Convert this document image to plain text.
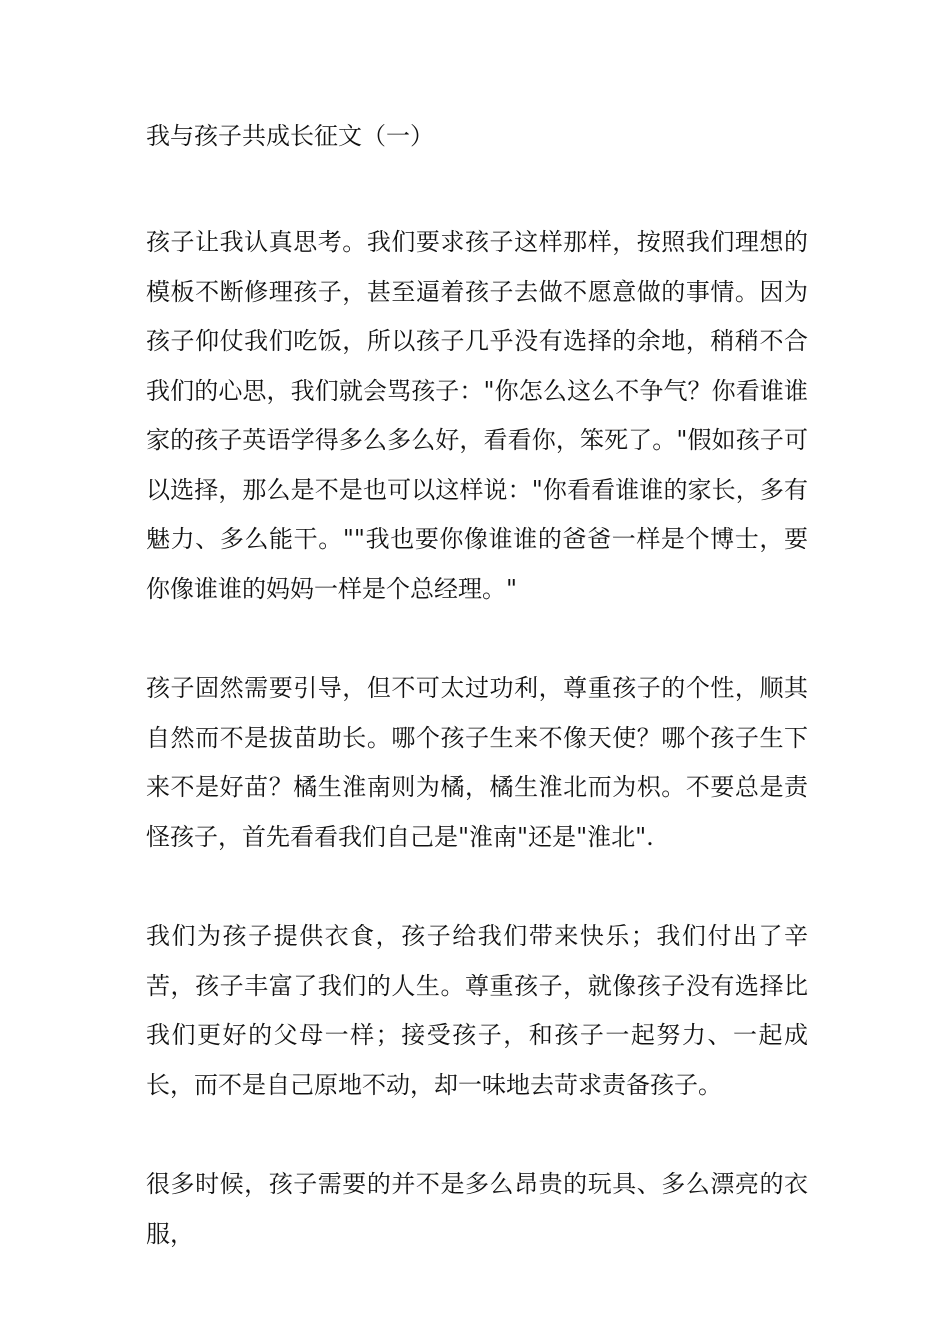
我与孩子共成长征文（一）

孩子让我认真思考。我们要求孩子这样那样，按照我们理想的模板不断修理孩子，甚至逼着孩子去做不愿意做的事情。因为孩子仰仗我们吃饭，所以孩子几乎没有选择的余地，稍稍不合我们的心思，我们就会骂孩子："你怎么这么不争气？你看谁谁家的孩子英语学得多么多么好，看看你，笨死了。"假如孩子可以选择，那么是不是也可以这样说："你看看谁谁的家长，多有魅力、多么能干。""我也要你像谁谁的爸爸一样是个博士，要你像谁谁的妈妈一样是个总经理。"

孩子固然需要引导，但不可太过功利，尊重孩子的个性，顺其自然而不是拔苗助长。哪个孩子生来不像天使？哪个孩子生下来不是好苗？橘生淮南则为橘，橘生淮北而为枳。不要总是责怪孩子，首先看看我们自己是"淮南"还是"淮北".

我们为孩子提供衣食，孩子给我们带来快乐；我们付出了辛苦，孩子丰富了我们的人生。尊重孩子，就像孩子没有选择比我们更好的父母一样；接受孩子，和孩子一起努力、一起成长，而不是自己原地不动，却一味地去苛求责备孩子。

很多时候，孩子需要的并不是多么昂贵的玩具、多么漂亮的衣服，
